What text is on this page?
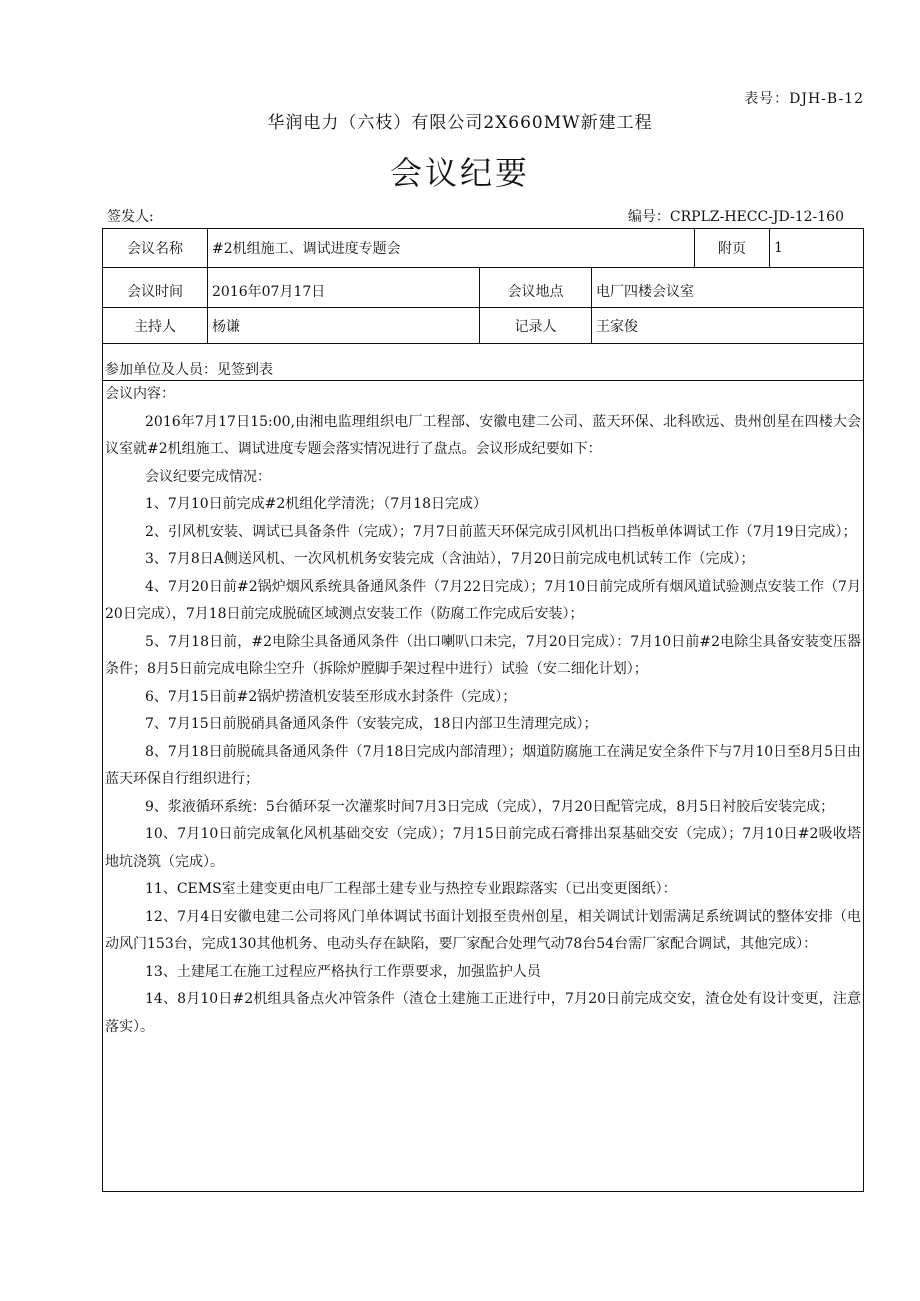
表号：DJH-B-12
华润电力（六枝）有限公司2X660MW新建工程
会议纪要
签发人:	编号：CRPLZ-HECC-JD-12-160
会议名称	#2机组施工、调试进度专题会	附页	1
会议时间	2016年07月17日	会议地点	电厂四楼会议室
主持人	杨谦	记录人	王家俊
参加单位及人员：见签到表

会议内容：

2016年7月17日15:00,由湘电监理组织电厂工程部、安徽电建二公司、蓝天环保、北科欧远、贵州创星在四楼大会议室就#2机组施工、调试进度专题会落实情况进行了盘点。会议形成纪要如下：

会议纪要完成情况：

1、7月10日前完成#2机组化学清洗；（7月18日完成）

2、引风机安装、调试已具备条件（完成）；7月7日前蓝天环保完成引风机出口挡板单体调试工作（7月19日完成）；

3、7月8日A侧送风机、一次风机机务安装完成（含油站），7月20日前完成电机试转工作（完成）；

4、7月20日前#2锅炉烟风系统具备通风条件（7月22日完成）；7月10日前完成所有烟风道试验测点安装工作（7月20日完成），7月18日前完成脱硫区域测点安装工作（防腐工作完成后安装）；

5、7月18日前，#2电除尘具备通风条件（出口喇叭口未完，7月20日完成）：7月10日前#2电除尘具备安装变压器条件；8月5日前完成电除尘空升（拆除炉膛脚手架过程中进行）试验（安二细化计划）；

6、7月15日前#2锅炉捞渣机安装至形成水封条件（完成）；

7、7月15日前脱硝具备通风条件（安装完成，18日内部卫生清理完成）；

8、7月18日前脱硫具备通风条件（7月18日完成内部清理）；烟道防腐施工在满足安全条件下与7月10日至8月5日由蓝天环保自行组织进行；

9、浆液循环系统：5台循环泵一次灌浆时间7月3日完成（完成），7月20日配管完成，8月5日衬胶后安装完成；

10、7月10日前完成氧化风机基础交安（完成）；7月15日前完成石膏排出泵基础交安（完成）；7月10日#2吸收塔地坑浇筑（完成）。

11、CEMS室土建变更由电厂工程部土建专业与热控专业跟踪落实（已出变更图纸）：

12、7月4日安徽电建二公司将风门单体调试书面计划报至贵州创星，相关调试计划需满足系统调试的整体安排（电动风门153台，完成130其他机务、电动头存在缺陷，要厂家配合处理气动78台54台需厂家配合调试，其他完成）：

13、土建尾工在施工过程应严格执行工作票要求，加强监护人员

14、8月10日#2机组具备点火冲管条件（渣仓土建施工正进行中，7月20日前完成交安，渣仓处有设计变更，注意落实）。
